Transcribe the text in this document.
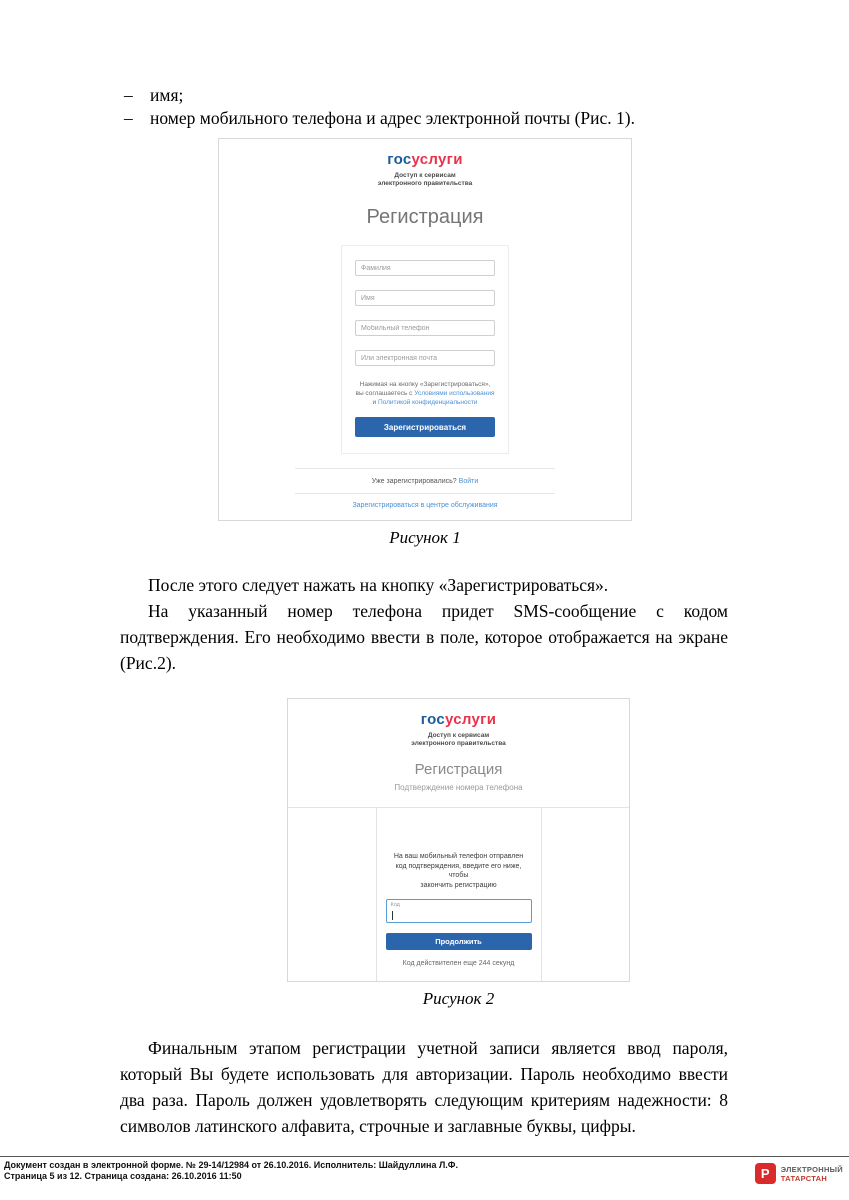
– имя;
– номер мобильного телефона и адрес электронной почты (Рис. 1).
госуслуги
Доступ к сервисам
электронного правительства
Регистрация
Фамилия
Имя
Мобильный телефон
Или электронная почта
Нажимая на кнопку «Зарегистрироваться»,
вы соглашаетесь с Условиями использования
и Политикой конфиденциальности
Зарегистрироваться
Уже зарегистрировались? Войти
Зарегистрироваться в центре обслуживания
Рисунок 1

После этого следует нажать на кнопку «Зарегистрироваться».

На указанный номер телефона придет SMS-сообщение с кодом подтверждения. Его необходимо ввести в поле, которое отображается на экране (Рис.2).

госуслуги
Доступ к сервисам
электронного правительства
Регистрация
Подтверждение номера телефона
На ваш мобильный телефон отправлен
код подтверждения, введите его ниже, чтобы
закончить регистрацию
Код
Продолжить
Код действителен еще 244 секунд
Рисунок 2

Финальным этапом регистрации учетной записи является ввод пароля, который Вы будете использовать для авторизации. Пароль необходимо ввести два раза. Пароль должен удовлетворять следующим критериям надежности: 8 символов латинского алфавита, строчные и заглавные буквы, цифры.

Документ создан в электронной форме. № 29-14/12984 от 26.10.2016. Исполнитель: Шайдуллина Л.Ф.
Страница 5 из 12. Страница создана: 26.10.2016 11:50	Р	ЭЛЕКТРОННЫЙ
ТАТАРСТАН
